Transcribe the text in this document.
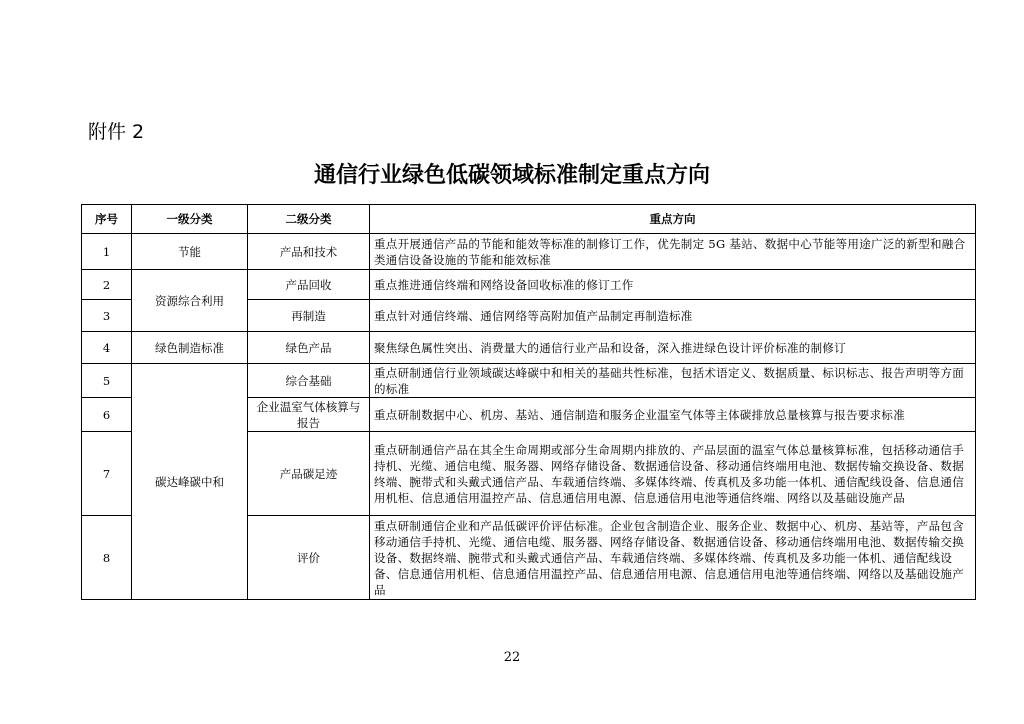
附件 2
通信行业绿色低碳领域标准制定重点方向
序号	一级分类	二级分类	重点方向
1	节能	产品和技术	重点开展通信产品的节能和能效等标准的制修订工作，优先制定 5G 基站、数据中心节能等用途广泛的新型和融合类通信设备设施的节能和能效标准
2	资源综合利用	产品回收	重点推进通信终端和网络设备回收标准的修订工作
3		再制造	重点针对通信终端、通信网络等高附加值产品制定再制造标准
4	绿色制造标准	绿色产品	聚焦绿色属性突出、消费量大的通信行业产品和设备，深入推进绿色设计评价标准的制修订
5	碳达峰碳中和	综合基础	重点研制通信行业领域碳达峰碳中和相关的基础共性标准，包括术语定义、数据质量、标识标志、报告声明等方面的标准
6		企业温室气体核算与报告	重点研制数据中心、机房、基站、通信制造和服务企业温室气体等主体碳排放总量核算与报告要求标准
7		产品碳足迹	重点研制通信产品在其全生命周期或部分生命周期内排放的、产品层面的温室气体总量核算标准，包括移动通信手持机、光缆、通信电缆、服务器、网络存储设备、数据通信设备、移动通信终端用电池、数据传输交换设备、数据终端、腕带式和头戴式通信产品、车载通信终端、多媒体终端、传真机及多功能一体机、通信配线设备、信息通信用机柜、信息通信用温控产品、信息通信用电源、信息通信用电池等通信终端、网络以及基础设施产品
8		评价	重点研制通信企业和产品低碳评价评估标准。企业包含制造企业、服务企业、数据中心、机房、基站等，产品包含移动通信手持机、光缆、通信电缆、服务器、网络存储设备、数据通信设备、移动通信终端用电池、数据传输交换设备、数据终端、腕带式和头戴式通信产品、车载通信终端、多媒体终端、传真机及多功能一体机、通信配线设备、信息通信用机柜、信息通信用温控产品、信息通信用电源、信息通信用电池等通信终端、网络以及基础设施产品
22
